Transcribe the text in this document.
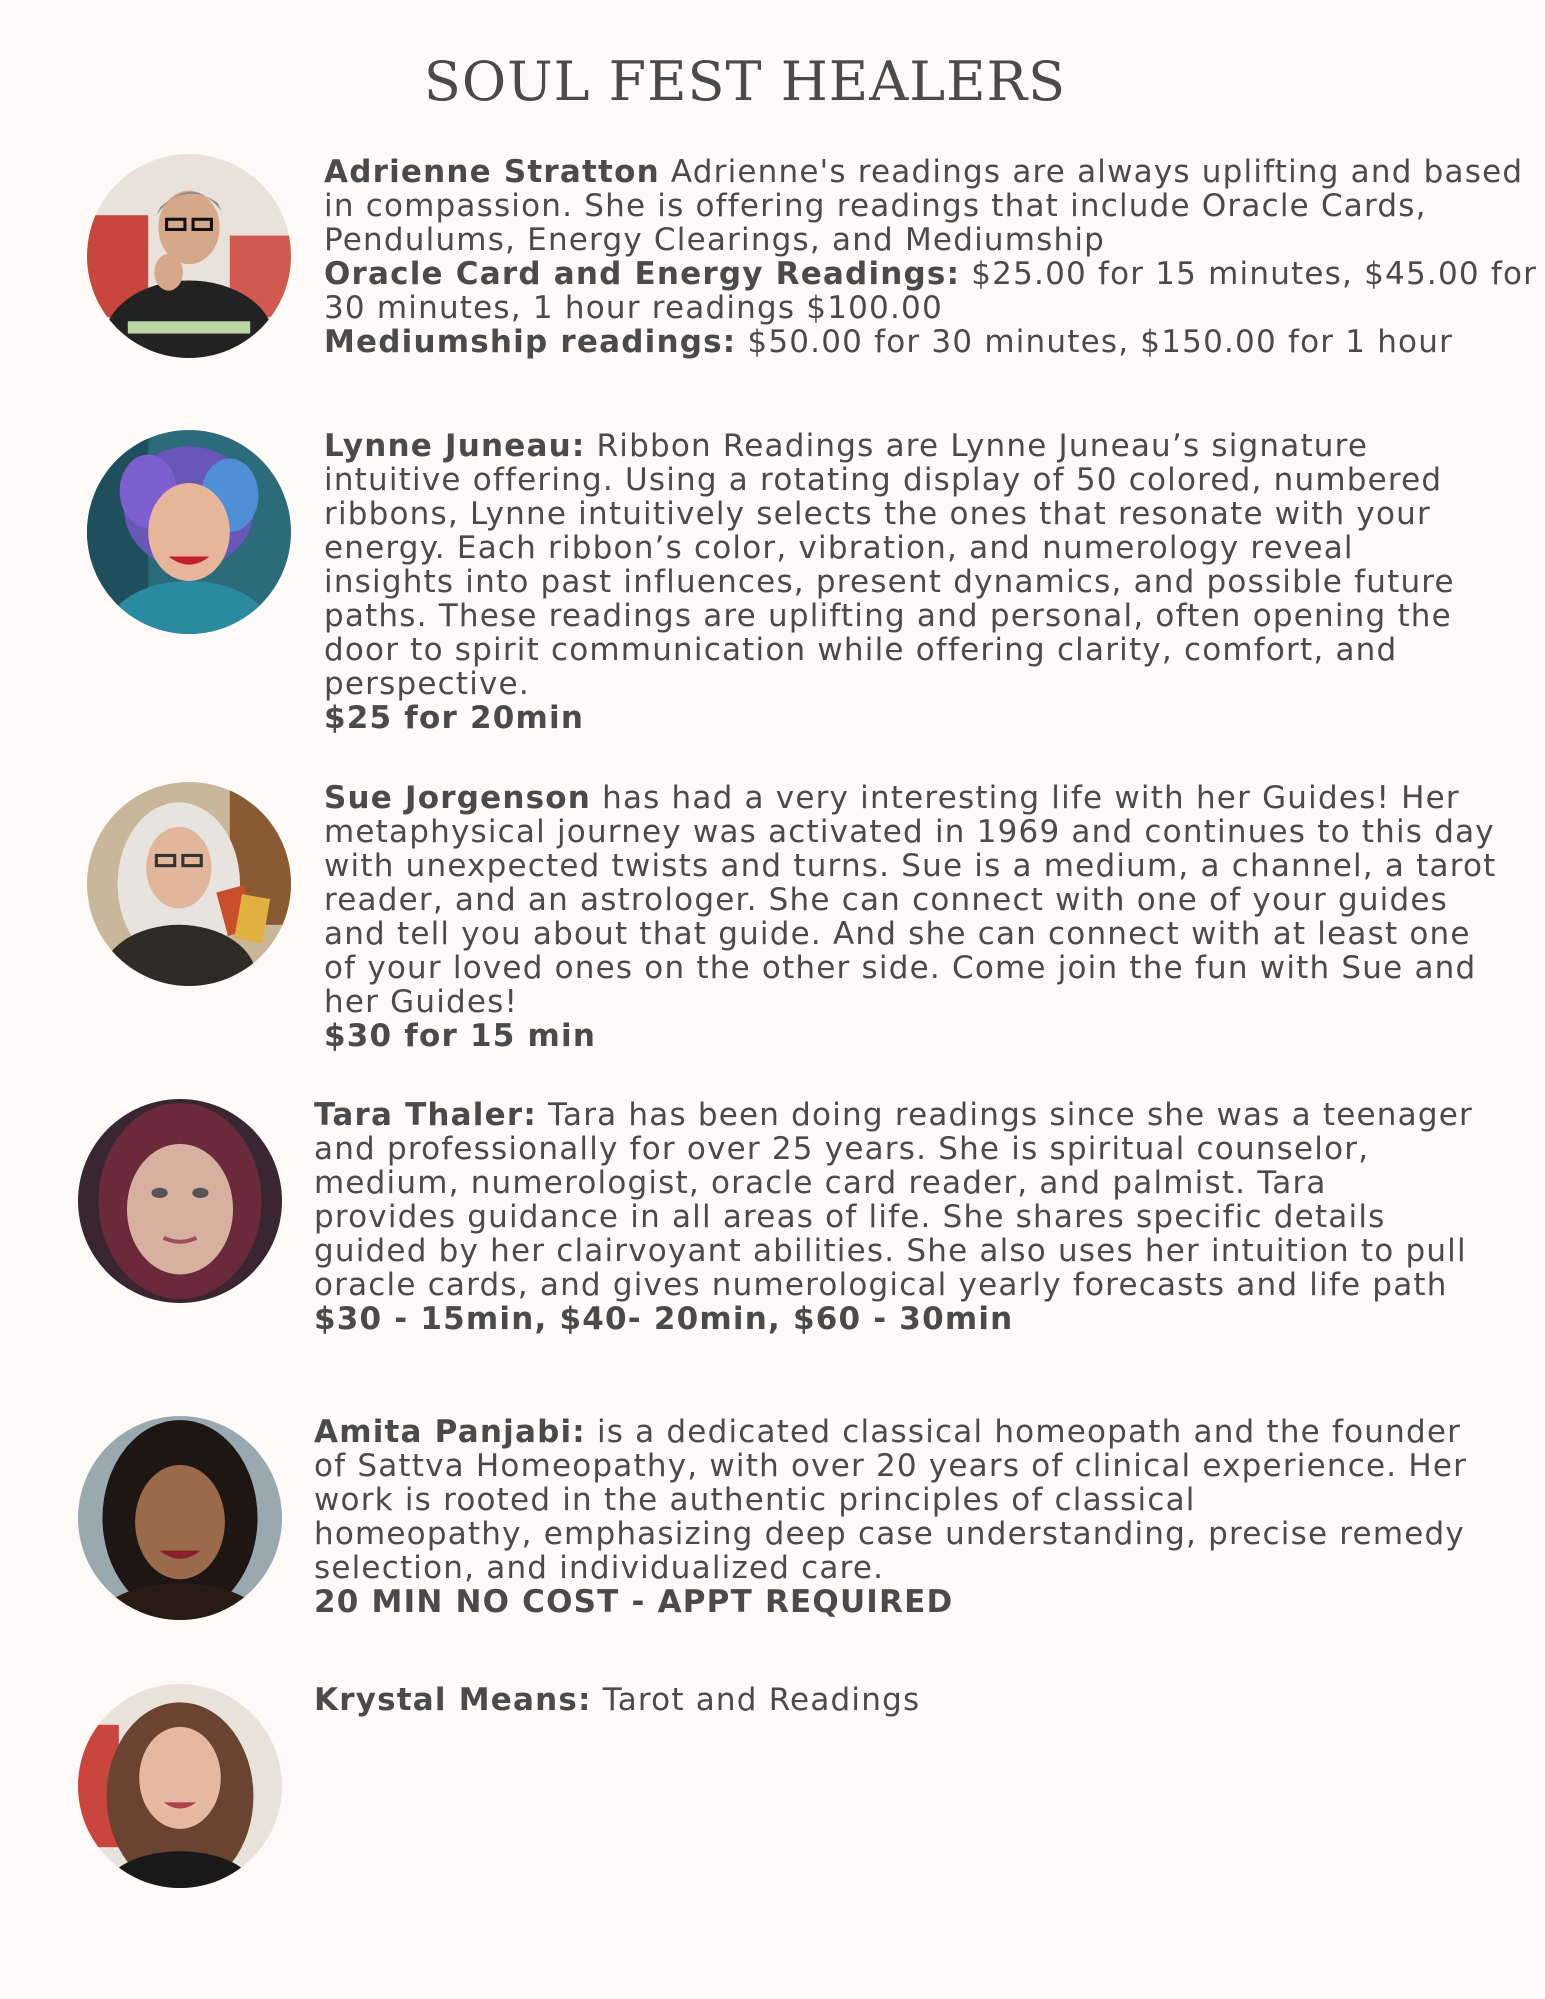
SOUL FEST HEALERS
Adrienne Stratton Adrienne's readings are always uplifting and based
in compassion. She is offering readings that include Oracle Cards,
Pendulums, Energy Clearings, and Mediumship
Oracle Card and Energy Readings: $25.00 for 15 minutes, $45.00 for
30 minutes, 1 hour readings $100.00
Mediumship readings: $50.00 for 30 minutes, $150.00 for 1 hour
Lynne Juneau: Ribbon Readings are Lynne Juneau’s signature
intuitive offering. Using a rotating display of 50 colored, numbered
ribbons, Lynne intuitively selects the ones that resonate with your
energy. Each ribbon’s color, vibration, and numerology reveal
insights into past influences, present dynamics, and possible future
paths. These readings are uplifting and personal, often opening the
door to spirit communication while offering clarity, comfort, and
perspective.
$25 for 20min
Sue Jorgenson has had a very interesting life with her Guides! Her
metaphysical journey was activated in 1969 and continues to this day
with unexpected twists and turns. Sue is a medium, a channel, a tarot
reader, and an astrologer. She can connect with one of your guides
and tell you about that guide. And she can connect with at least one
of your loved ones on the other side. Come join the fun with Sue and
her Guides!
$30 for 15 min
Tara Thaler: Tara has been doing readings since she was a teenager
and professionally for over 25 years. She is spiritual counselor,
medium, numerologist, oracle card reader, and palmist. Tara
provides guidance in all areas of life. She shares specific details
guided by her clairvoyant abilities. She also uses her intuition to pull
oracle cards, and gives numerological yearly forecasts and life path
$30 - 15min, $40- 20min, $60 - 30min
Amita Panjabi: is a dedicated classical homeopath and the founder
of Sattva Homeopathy, with over 20 years of clinical experience. Her
work is rooted in the authentic principles of classical
homeopathy, emphasizing deep case understanding, precise remedy
selection, and individualized care.
20 MIN NO COST - APPT REQUIRED
Krystal Means: Tarot and Readings
